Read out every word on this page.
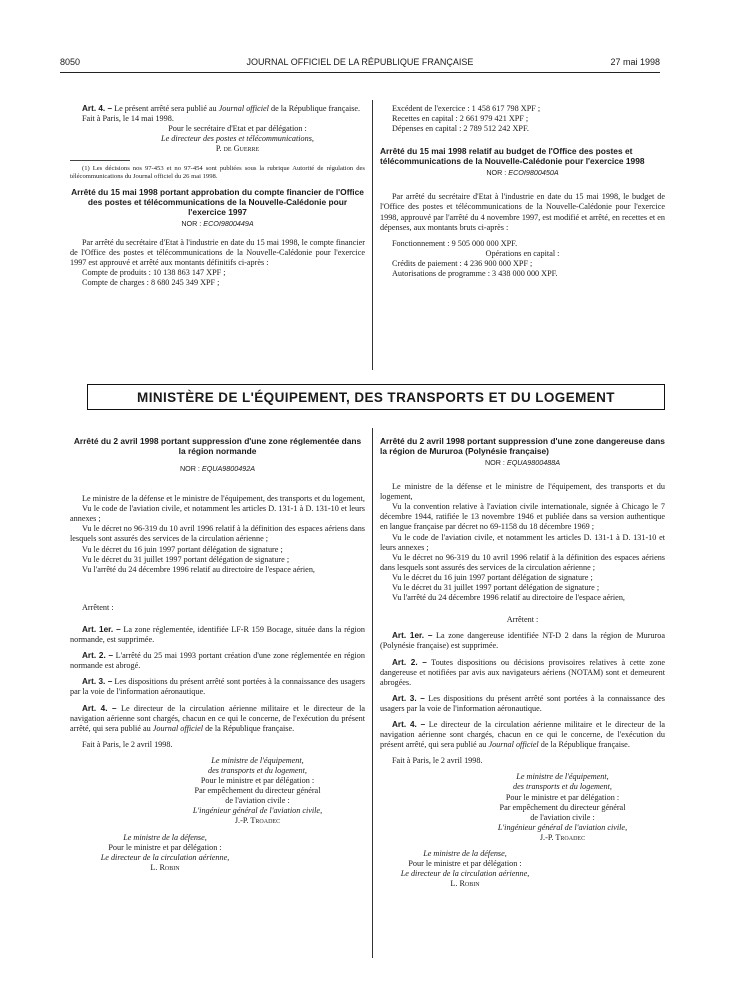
8050	JOURNAL OFFICIEL DE LA RÉPUBLIQUE FRANÇAISE	27 mai 1998

Art. 4. – Le présent arrêté sera publié au Journal officiel de la République française.

Fait à Paris, le 14 mai 1998.

Pour le secrétaire d'Etat et par délégation :

Le directeur des postes et télécommunications,

P. de Guerre

(1) Les décisions nos 97-453 et no 97-454 sont publiées sous la rubrique Autorité de régulation des télécommunications du Journal officiel du 26 mai 1998.

Arrêté du 15 mai 1998 portant approbation du compte financier de l'Office des postes et télécommunications de la Nouvelle-Calédonie pour l'exercice 1997

NOR : ECOI9800449A

Par arrêté du secrétaire d'Etat à l'industrie en date du 15 mai 1998, le compte financier de l'Office des postes et télécommunications de la Nouvelle-Calédonie pour l'exercice 1997 est approuvé et arrêté aux montants définitifs ci-après :

Compte de produits : 10 138 863 147 XPF ;

Compte de charges : 8 680 245 349 XPF ;

Excédent de l'exercice : 1 458 617 798 XPF ;

Recettes en capital : 2 661 979 421 XPF ;

Dépenses en capital : 2 789 512 242 XPF.

Arrêté du 15 mai 1998 relatif au budget de l'Office des postes et télécommunications de la Nouvelle-Calédonie pour l'exercice 1998

NOR : ECOI9800450A

Par arrêté du secrétaire d'Etat à l'industrie en date du 15 mai 1998, le budget de l'Office des postes et télécommunications de la Nouvelle-Calédonie pour l'exercice 1998, approuvé par l'arrêté du 4 novembre 1997, est modifié et arrêté, en recettes et en dépenses, aux montants bruts ci-après :

Fonctionnement : 9 505 000 000 XPF.

Opérations en capital :

Crédits de paiement : 4 236 900 000 XPF ;

Autorisations de programme : 3 438 000 000 XPF.

MINISTÈRE DE L'ÉQUIPEMENT, DES TRANSPORTS ET DU LOGEMENT

Arrêté du 2 avril 1998 portant suppression d'une zone réglementée dans la région normande

NOR : EQUA9800492A

Le ministre de la défense et le ministre de l'équipement, des transports et du logement,

Vu le code de l'aviation civile, et notamment les articles D. 131-1 à D. 131-10 et leurs annexes ;

Vu le décret no 96-319 du 10 avril 1996 relatif à la définition des espaces aériens dans lesquels sont assurés des services de la circulation aérienne ;

Vu le décret du 16 juin 1997 portant délégation de signature ;

Vu le décret du 31 juillet 1997 portant délégation de signature ;

Vu l'arrêté du 24 décembre 1996 relatif au directoire de l'espace aérien,

Arrêtent :

Art. 1er. – La zone réglementée, identifiée LF-R 159 Bocage, située dans la région normande, est supprimée.

Art. 2. – L'arrêté du 25 mai 1993 portant création d'une zone réglementée en région normande est abrogé.

Art. 3. – Les dispositions du présent arrêté sont portées à la connaissance des usagers par la voie de l'information aéronautique.

Art. 4. – Le directeur de la circulation aérienne militaire et le directeur de la navigation aérienne sont chargés, chacun en ce qui le concerne, de l'exécution du présent arrêté, qui sera publié au Journal officiel de la République française.

Fait à Paris, le 2 avril 1998.

Le ministre de l'équipement,

des transports et du logement,

Pour le ministre et par délégation :

Par empêchement du directeur général

de l'aviation civile :

L'ingénieur général de l'aviation civile,

J.-P. Troadec

Le ministre de la défense,

Pour le ministre et par délégation :

Le directeur de la circulation aérienne,

L. Robin

Arrêté du 2 avril 1998 portant suppression d'une zone dangereuse dans la région de Mururoa (Polynésie française)

NOR : EQUA9800488A

Le ministre de la défense et le ministre de l'équipement, des transports et du logement,

Vu la convention relative à l'aviation civile internationale, signée à Chicago le 7 décembre 1944, ratifiée le 13 novembre 1946 et publiée dans sa version authentique en langue française par décret no 69-1158 du 18 décembre 1969 ;

Vu le code de l'aviation civile, et notamment les articles D. 131-1 à D. 131-10 et leurs annexes ;

Vu le décret no 96-319 du 10 avril 1996 relatif à la définition des espaces aériens dans lesquels sont assurés des services de la circulation aérienne ;

Vu le décret du 16 juin 1997 portant délégation de signature ;

Vu le décret du 31 juillet 1997 portant délégation de signature ;

Vu l'arrêté du 24 décembre 1996 relatif au directoire de l'espace aérien,

Arrêtent :

Art. 1er. – La zone dangereuse identifiée NT-D 2 dans la région de Mururoa (Polynésie française) est supprimée.

Art. 2. – Toutes dispositions ou décisions provisoires relatives à cette zone dangereuse et notifiées par avis aux navigateurs aériens (NOTAM) sont et demeurent abrogées.

Art. 3. – Les dispositions du présent arrêté sont portées à la connaissance des usagers par la voie de l'information aéronautique.

Art. 4. – Le directeur de la circulation aérienne militaire et le directeur de la navigation aérienne sont chargés, chacun en ce qui le concerne, de l'exécution du présent arrêté, qui sera publié au Journal officiel de la République française.

Fait à Paris, le 2 avril 1998.

Le ministre de l'équipement,

des transports et du logement,

Pour le ministre et par délégation :

Par empêchement du directeur général

de l'aviation civile :

L'ingénieur général de l'aviation civile,

J.-P. Troadec

Le ministre de la défense,

Pour le ministre et par délégation :

Le directeur de la circulation aérienne,

L. Robin
